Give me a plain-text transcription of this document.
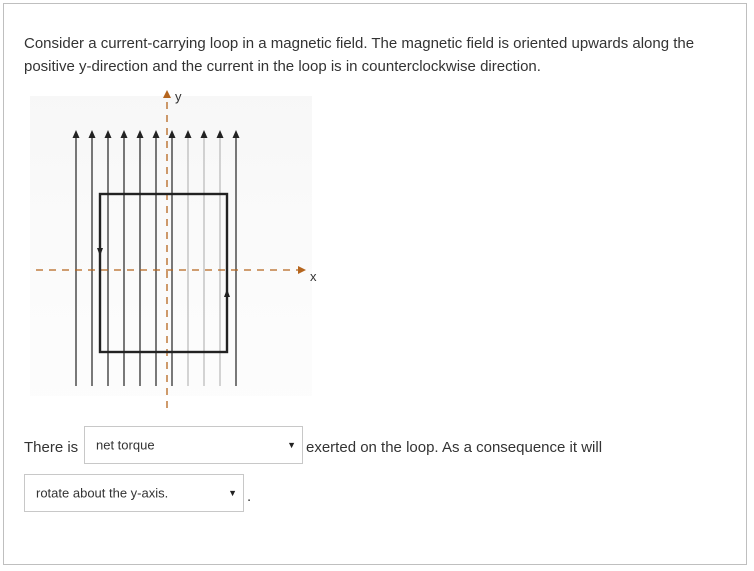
Consider a current-carrying loop in a magnetic field. The magnetic field is oriented upwards along the positive y-direction and the current in the loop is in counterclockwise direction.
y
x
There is net torque	▼ exerted on the loop. As a consequence it will
rotate about the y-axis.	▼ .
